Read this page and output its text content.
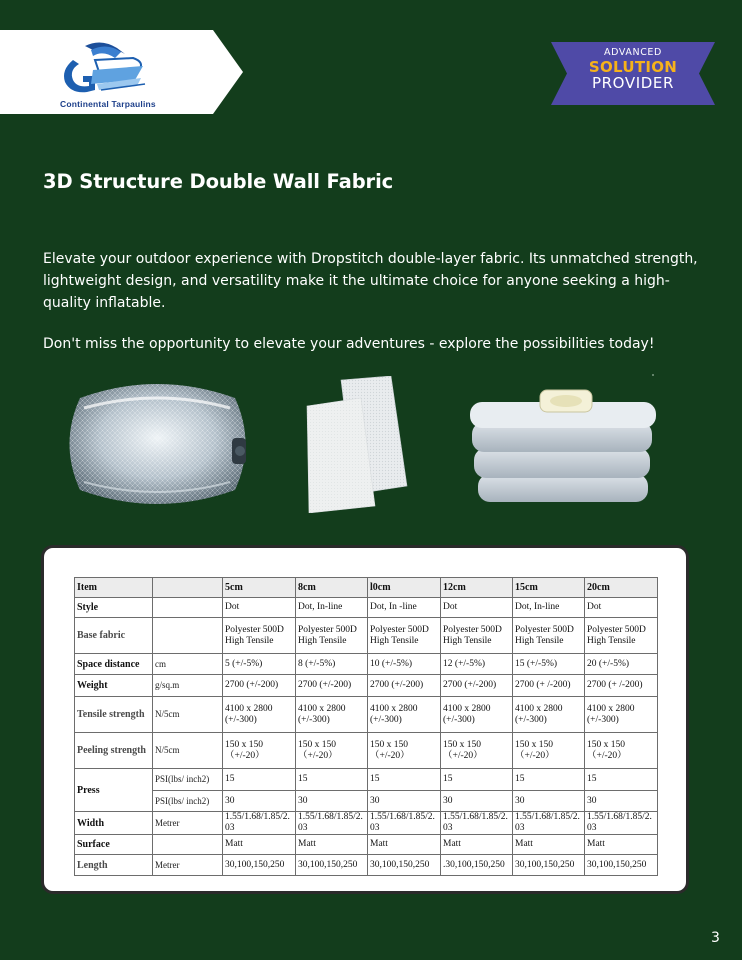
Continental Tarpaulins
ADVANCED
SOLUTION
PROVIDER
3D Structure Double Wall Fabric

Elevate your outdoor experience with Dropstitch double-layer fabric. Its unmatched strength, lightweight design, and versatility make it the ultimate choice for anyone seeking a high-quality inflatable.

Don't miss the opportunity to elevate your adventures - explore the possibilities today!

Item		5cm	8cm	l0cm	12cm	15cm	20cm
Style		Dot	Dot, In-line	Dot, In -line	Dot	Dot, In-line	Dot
Base fabric		Polyester 500D High Tensile	Polyester 500D High Tensile	Polyester 500D High Tensile	Polyester 500D High Tensile	Polyester 500D High Tensile	Polyester 500D High Tensile
Space distance	cm	5 (+/-5%)	8 (+/-5%)	10 (+/-5%)	12 (+/-5%)	15 (+/-5%)	20 (+/-5%)
Weight	g/sq.m	2700 (+/-200)	2700 (+/-200)	2700 (+/-200)	2700 (+/-200)	2700 (+ /-200)	2700 (+ /-200)
Tensile strength	N/5cm	4100 x 2800 (+/-300)	4100 x 2800 (+/-300)	4100 x 2800 (+/-300)	4100 x 2800 (+/-300)	4100 x 2800 (+/-300)	4100 x 2800 (+/-300)
Peeling strength	N/5cm	150 x 150 （+/-20）	150 x 150 （+/-20）	150 x 150 （+/-20）	150 x 150 （+/-20）	150 x 150 （+/-20）	150 x 150 （+/-20）
Press	PSI(lbs/ inch2)	15	15	15	15	15	15
	PSI(lbs/ inch2)	30	30	30	30	30	30
Width	Metrer	1.55/1.68/1.85/2.03	1.55/1.68/1.85/2.03	1.55/1.68/1.85/2.03	1.55/1.68/1.85/2.03	1.55/1.68/1.85/2.03	1.55/1.68/1.85/2.03
Surface		Matt	Matt	Matt	Matt	Matt	Matt
Length	Metrer	30,100,150,250	30,100,150,250	30,100,150,250	.30,100,150,250	30,100,150,250	30,100,150,250
3
